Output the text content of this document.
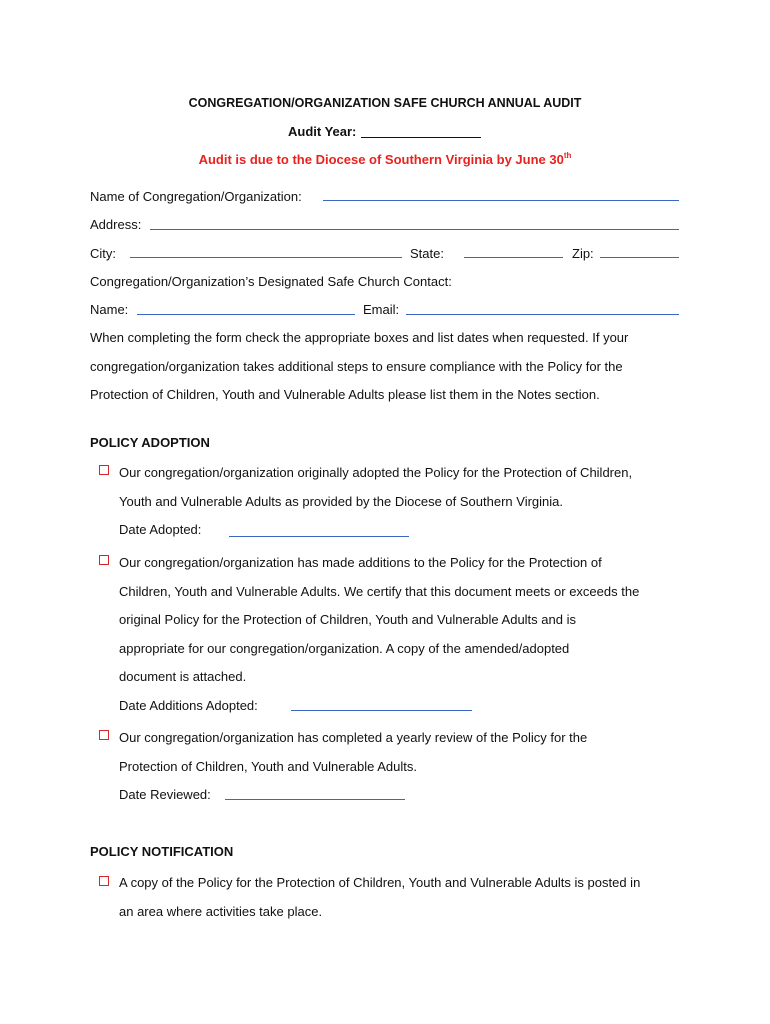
CONGREGATION/ORGANIZATION SAFE CHURCH ANNUAL AUDIT
Audit Year:
Audit is due to the Diocese of Southern Virginia by June 30th
Name of Congregation/Organization:
Address:
City:	State:	Zip:
Congregation/Organization’s Designated Safe Church Contact:
Name:	Email:
When completing the form check the appropriate boxes and list dates when requested. If your
congregation/organization takes additional steps to ensure compliance with the Policy for the
Protection of Children, Youth and Vulnerable Adults please list them in the Notes section.
POLICY ADOPTION
Our congregation/organization originally adopted the Policy for the Protection of Children,
Youth and Vulnerable Adults as provided by the Diocese of Southern Virginia.
Date Adopted:
Our congregation/organization has made additions to the Policy for the Protection of
Children, Youth and Vulnerable Adults. We certify that this document meets or exceeds the
original Policy for the Protection of Children, Youth and Vulnerable Adults and is
appropriate for our congregation/organization. A copy of the amended/adopted
document is attached.
Date Additions Adopted:
Our congregation/organization has completed a yearly review of the Policy for the
Protection of Children, Youth and Vulnerable Adults.
Date Reviewed:
POLICY NOTIFICATION
A copy of the Policy for the Protection of Children, Youth and Vulnerable Adults is posted in
an area where activities take place.
